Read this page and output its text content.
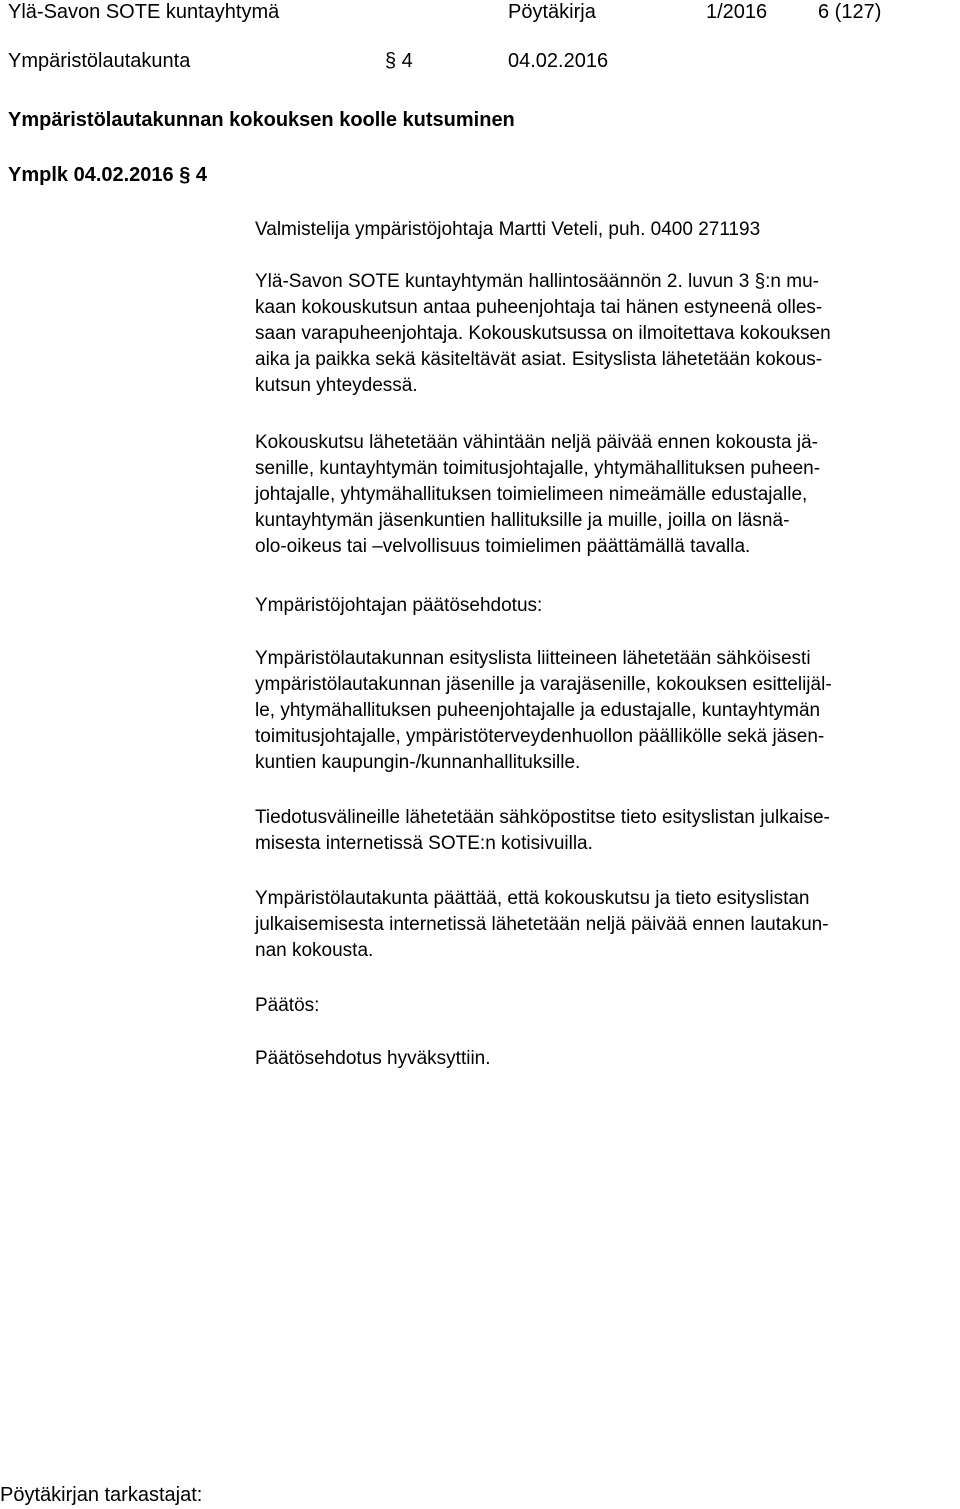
Ylä-Savon SOTE kuntayhtymä	Pöytäkirja	1/2016	6 (127)
Ympäristölautakunta	§ 4	04.02.2016
Ympäristölautakunnan kokouksen koolle kutsuminen
Ymplk 04.02.2016 § 4
Valmistelija ympäristöjohtaja Martti Veteli, puh. 0400 271193
Ylä-Savon SOTE kuntayhtymän hallintosäännön 2. luvun 3 §:n mu-
kaan kokouskutsun antaa puheenjohtaja tai hänen estyneenä olles-
saan varapuheenjohtaja. Kokouskutsussa on ilmoitettava kokouksen
aika ja paikka sekä käsiteltävät asiat. Esityslista lähetetään kokous-
kutsun yhteydessä.
Kokouskutsu lähetetään vähintään neljä päivää ennen kokousta jä-
senille, kuntayhtymän toimitusjohtajalle, yhtymähallituksen puheen-
johtajalle, yhtymähallituksen toimielimeen nimeämälle edustajalle,
kuntayhtymän jäsenkuntien hallituksille ja muille, joilla on läsnä-
olo-oikeus tai –velvollisuus toimielimen päättämällä tavalla.
Ympäristöjohtajan päätösehdotus:
Ympäristölautakunnan esityslista liitteineen lähetetään sähköisesti
ympäristölautakunnan jäsenille ja varajäsenille, kokouksen esittelijäl-
le, yhtymähallituksen puheenjohtajalle ja edustajalle, kuntayhtymän
toimitusjohtajalle, ympäristöterveydenhuollon päällikölle sekä jäsen-
kuntien kaupungin-/kunnanhallituksille.
Tiedotusvälineille lähetetään sähköpostitse tieto esityslistan julkaise-
misesta internetissä SOTE:n kotisivuilla.
Ympäristölautakunta päättää, että kokouskutsu ja tieto esityslistan
julkaisemisesta internetissä lähetetään neljä päivää ennen lautakun-
nan kokousta.
Päätös:
Päätösehdotus hyväksyttiin.
Pöytäkirjan tarkastajat:
